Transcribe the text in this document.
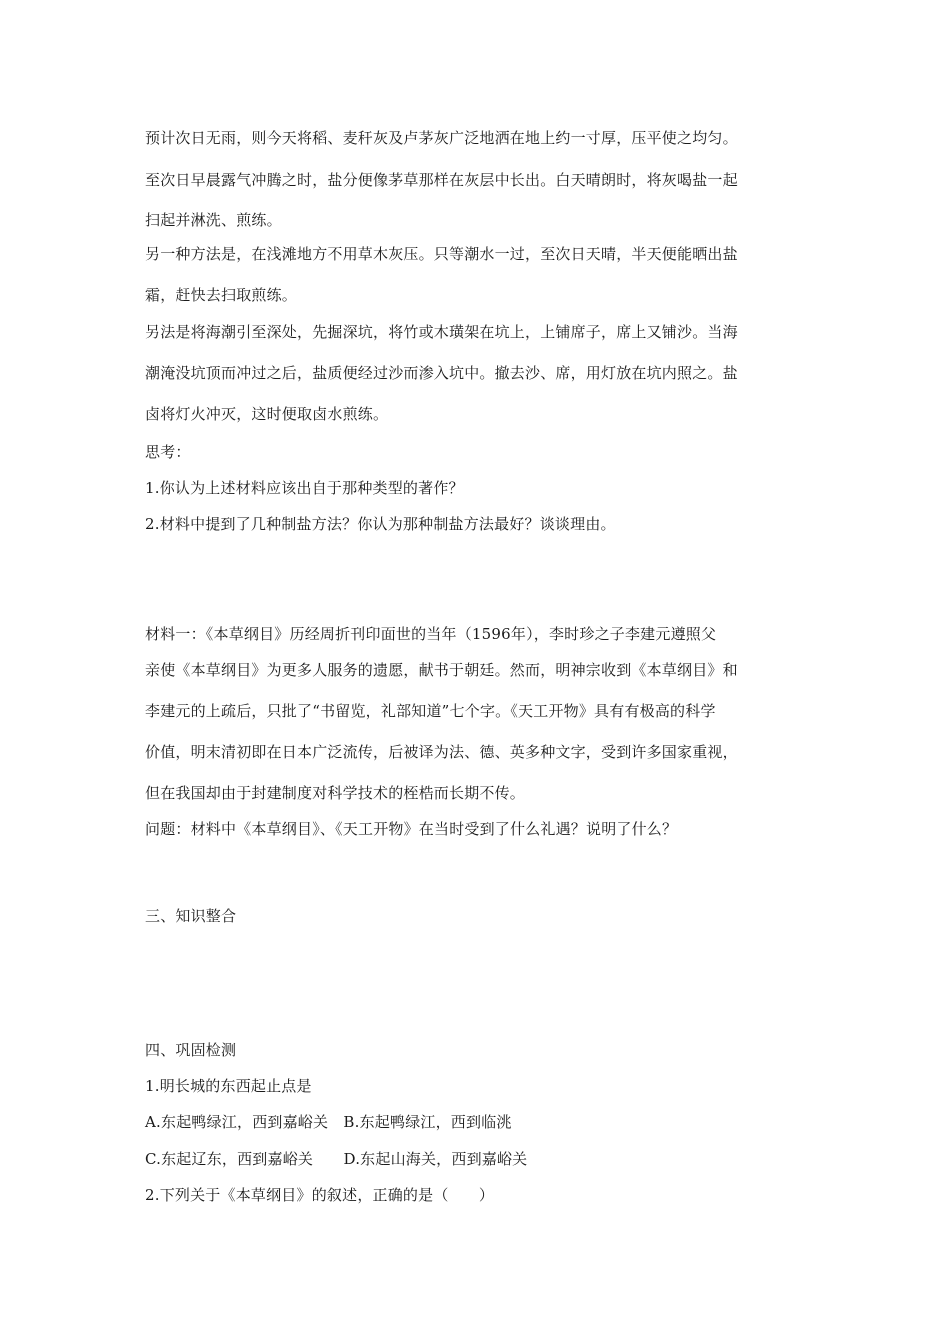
预计次日无雨，则今天将稻、麦秆灰及卢茅灰广泛地洒在地上约一寸厚，压平使之均匀。
至次日早晨露气冲腾之时，盐分便像茅草那样在灰层中长出。白天晴朗时，将灰喝盐一起
扫起并淋洗、煎练。
另一种方法是，在浅滩地方不用草木灰压。只等潮水一过，至次日天晴，半天便能晒出盐
霜，赶快去扫取煎练。
另法是将海潮引至深处，先掘深坑，将竹或木璜架在坑上，上铺席子，席上又铺沙。当海
潮淹没坑顶而冲过之后，盐质便经过沙而渗入坑中。撤去沙、席，用灯放在坑内照之。盐
卤将灯火冲灭，这时便取卤水煎练。
思考：
1.你认为上述材料应该出自于那种类型的著作？
2.材料中提到了几种制盐方法？你认为那种制盐方法最好？谈谈理由。
材料一：《本草纲目》历经周折刊印面世的当年（1596年），李时珍之子李建元遵照父
亲使《本草纲目》为更多人服务的遗愿，献书于朝廷。然而，明神宗收到《本草纲目》和
李建元的上疏后，只批了“书留览，礼部知道”七个字。《天工开物》具有有极高的科学
价值，明末清初即在日本广泛流传，后被译为法、德、英多种文字，受到许多国家重视，
但在我国却由于封建制度对科学技术的桎梏而长期不传。
问题：材料中《本草纲目》、《天工开物》在当时受到了什么礼遇？说明了什么？
三、知识整合
四、巩固检测
1.明长城的东西起止点是
A.东起鸭绿江，西到嘉峪关　B.东起鸭绿江，西到临洮
C.东起辽东，西到嘉峪关　　D.东起山海关，西到嘉峪关
2.下列关于《本草纲目》的叙述，正确的是（　　）
